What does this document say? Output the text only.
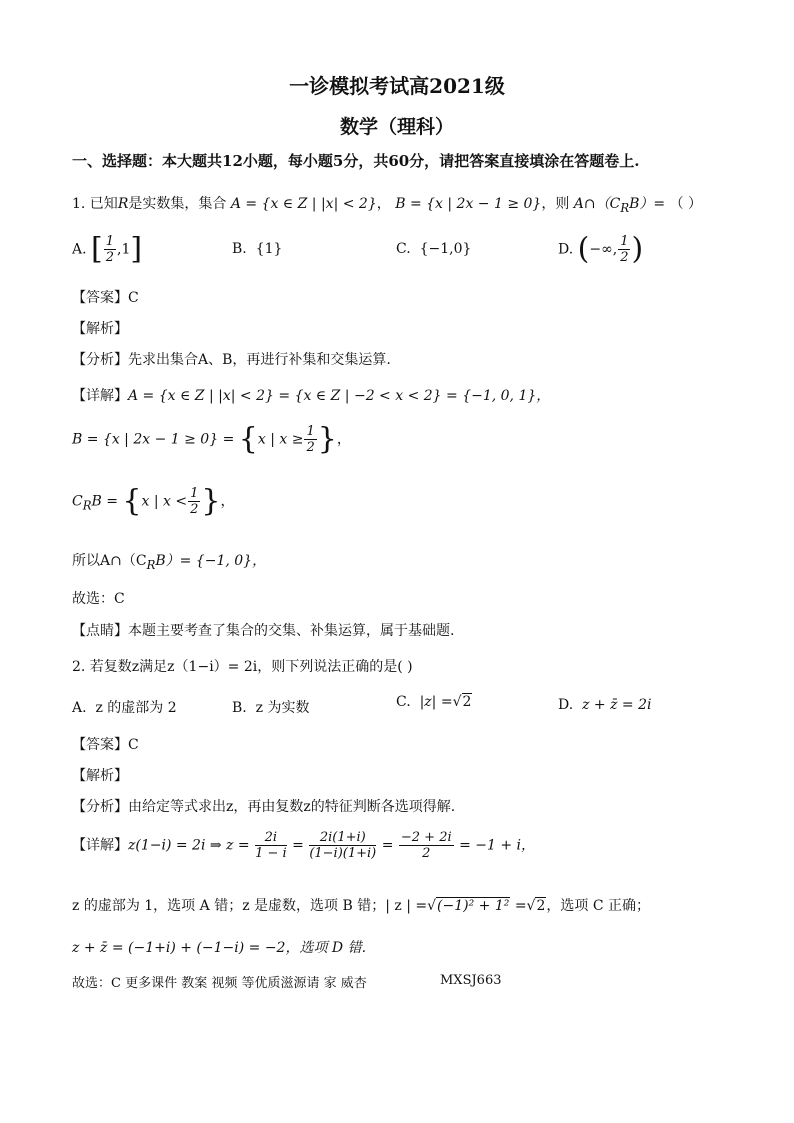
一诊模拟考试高2021级
数学（理科）
一、选择题：本大题共12小题，每小题5分，共60分，请把答案直接填涂在答题卷上.
1. 已知R是实数集，集合 A = {x ∈ Z | |x| < 2}， B = {x | 2x − 1 ≥ 0}，则 $A\cap(C_RB)=$ （ ）
A. [ $\frac{1}{2} ,1$]	B. {1}	C. {−1,0}	D. (−∞, $\frac{1}{2}$ )
【答案】C
【解析】
【分析】先求出集合A、B，再进行补集和交集运算.
【详解】A = {x ∈ Z | |x| < 2} = {x ∈ Z | −2 < x < 2} = {−1, 0, 1}，
B = {x | 2x − 1 ≥ 0} = {x | $x \ge \frac{1}{2}$ }，
$C_RB = \{x$ | $x < \frac{1}{2}$ }，
所以$A\cap(C_RB)= \{-1$, 0}，
故选：C
【点睛】本题主要考查了集合的交集、补集运算，属于基础题.
2. 若复数z满足z（1−i）= 2i，则下列说法正确的是( )
A. z 的虚部为 2	B. z 为实数	C. |z| =√2	D. z + z̄ = 2i
【答案】C
【解析】
【分析】由给定等式求出z，再由复数z的特征判断各选项得解.
【详解】z(1−i) = 2i ⇒ $z = \frac{2i}{1 - i} = \frac{2i(1+i)}{(1-i)(1+i)} = \frac{-2 + 2i}{2} = -1 + i$，
z 的虚部为 1，选项 A 错；z 是虚数，选项 B 错；| z | =√(−1)² + 1² =√2，选项 C 正确；
z + z̄ = (−1+i) + (−1−i) = −2，选项 D 错.
故选：C 更多课件 教案 视频 等优质滋源请 家 威杏	MXSJ663
